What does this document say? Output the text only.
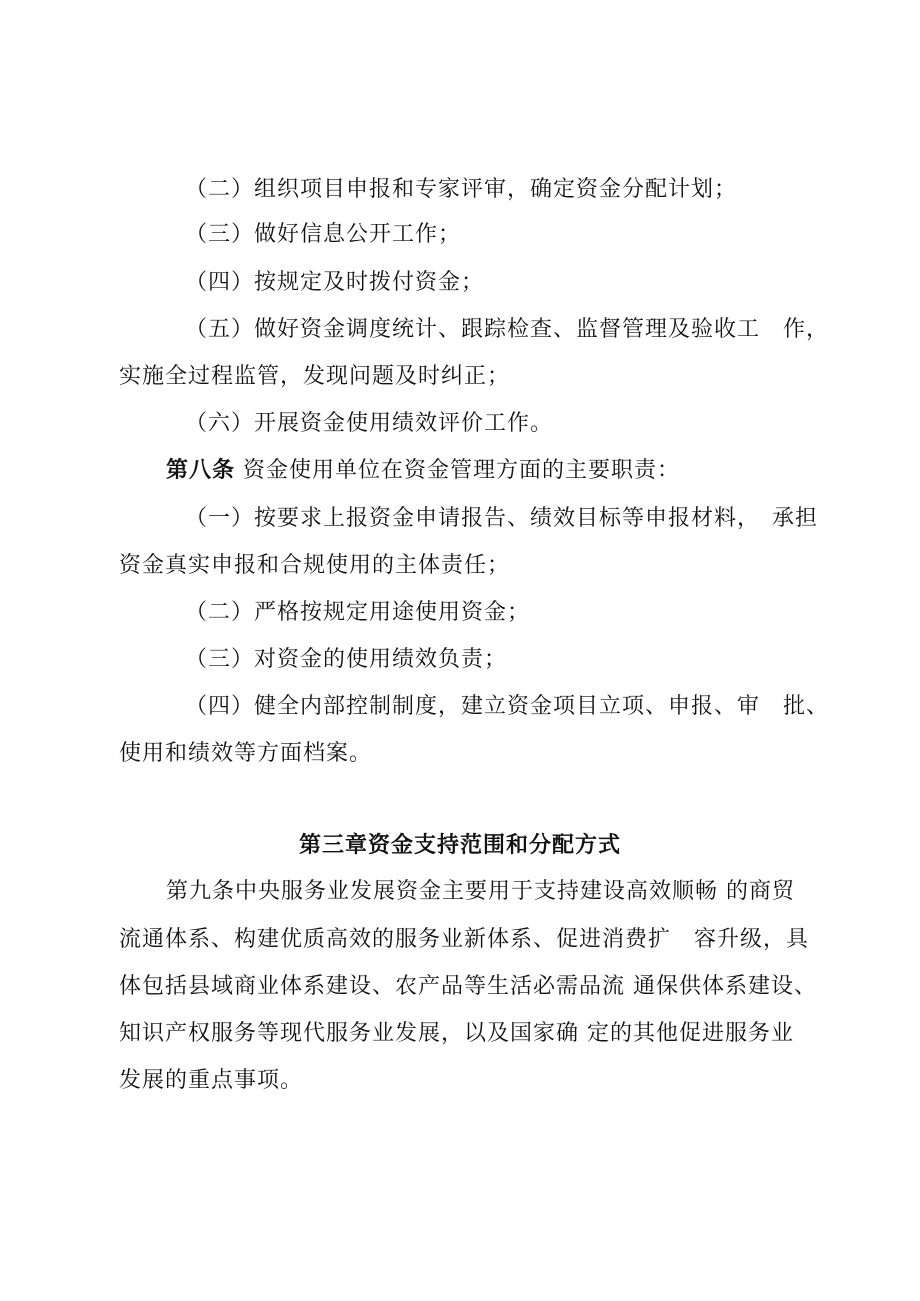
（二）组织项目申报和专家评审，确定资金分配计划；
（三）做好信息公开工作；
（四）按规定及时拨付资金；
（五）做好资金调度统计、跟踪检查、监督管理及验收工　作，
实施全过程监管，发现问题及时纠正；
（六）开展资金使用绩效评价工作。
第八条 资金使用单位在资金管理方面的主要职责：
（一）按要求上报资金申请报告、绩效目标等申报材料，　承担
资金真实申报和合规使用的主体责任；
（二）严格按规定用途使用资金；
（三）对资金的使用绩效负责；
（四）健全内部控制制度，建立资金项目立项、申报、审　批、
使用和绩效等方面档案。
第三章资金支持范围和分配方式
第九条中央服务业发展资金主要用于支持建设高效顺畅 的商贸
流通体系、构建优质高效的服务业新体系、促进消费扩　容升级，具
体包括县域商业体系建设、农产品等生活必需品流 通保供体系建设、
知识产权服务等现代服务业发展，以及国家确 定的其他促进服务业
发展的重点事项。
